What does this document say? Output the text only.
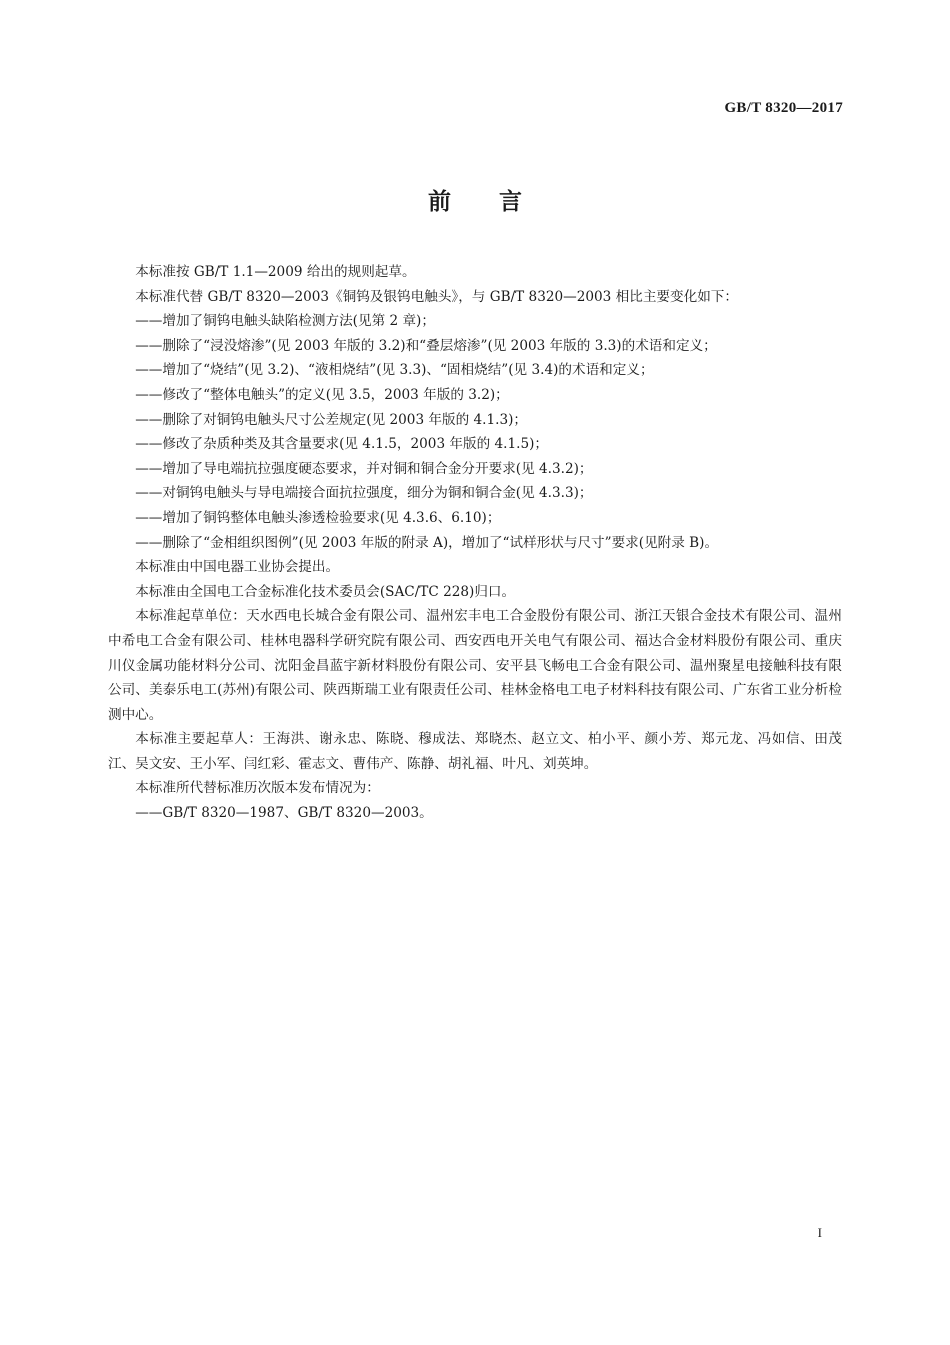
GB/T 8320—2017
前言

本标准按 GB/T 1.1—2009 给出的规则起草。

本标准代替 GB/T 8320—2003《铜钨及银钨电触头》，与 GB/T 8320—2003 相比主要变化如下：

——增加了铜钨电触头缺陷检测方法(见第 2 章)；

——删除了“浸没熔渗”(见 2003 年版的 3.2)和“叠层熔渗”(见 2003 年版的 3.3)的术语和定义；

——增加了“烧结”(见 3.2)、“液相烧结”(见 3.3)、“固相烧结”(见 3.4)的术语和定义；

——修改了“整体电触头”的定义(见 3.5，2003 年版的 3.2)；

——删除了对铜钨电触头尺寸公差规定(见 2003 年版的 4.1.3)；

——修改了杂质种类及其含量要求(见 4.1.5，2003 年版的 4.1.5)；

——增加了导电端抗拉强度硬态要求，并对铜和铜合金分开要求(见 4.3.2)；

——对铜钨电触头与导电端接合面抗拉强度，细分为铜和铜合金(见 4.3.3)；

——增加了铜钨整体电触头渗透检验要求(见 4.3.6、6.10)；

——删除了“金相组织图例”(见 2003 年版的附录 A)，增加了“试样形状与尺寸”要求(见附录 B)。

本标准由中国电器工业协会提出。

本标准由全国电工合金标准化技术委员会(SAC/TC 228)归口。

本标准起草单位：天水西电长城合金有限公司、温州宏丰电工合金股份有限公司、浙江天银合金技术有限公司、温州中希电工合金有限公司、桂林电器科学研究院有限公司、西安西电开关电气有限公司、福达合金材料股份有限公司、重庆川仪金属功能材料分公司、沈阳金昌蓝宇新材料股份有限公司、安平县飞畅电工合金有限公司、温州聚星电接触科技有限公司、美泰乐电工(苏州)有限公司、陕西斯瑞工业有限责任公司、桂林金格电工电子材料科技有限公司、广东省工业分析检测中心。

本标准主要起草人：王海洪、谢永忠、陈晓、穆成法、郑晓杰、赵立文、柏小平、颜小芳、郑元龙、冯如信、田茂江、吴文安、王小军、闫红彩、霍志文、曹伟产、陈静、胡礼福、叶凡、刘英坤。

本标准所代替标准历次版本发布情况为：

——GB/T 8320—1987、GB/T 8320—2003。

I
